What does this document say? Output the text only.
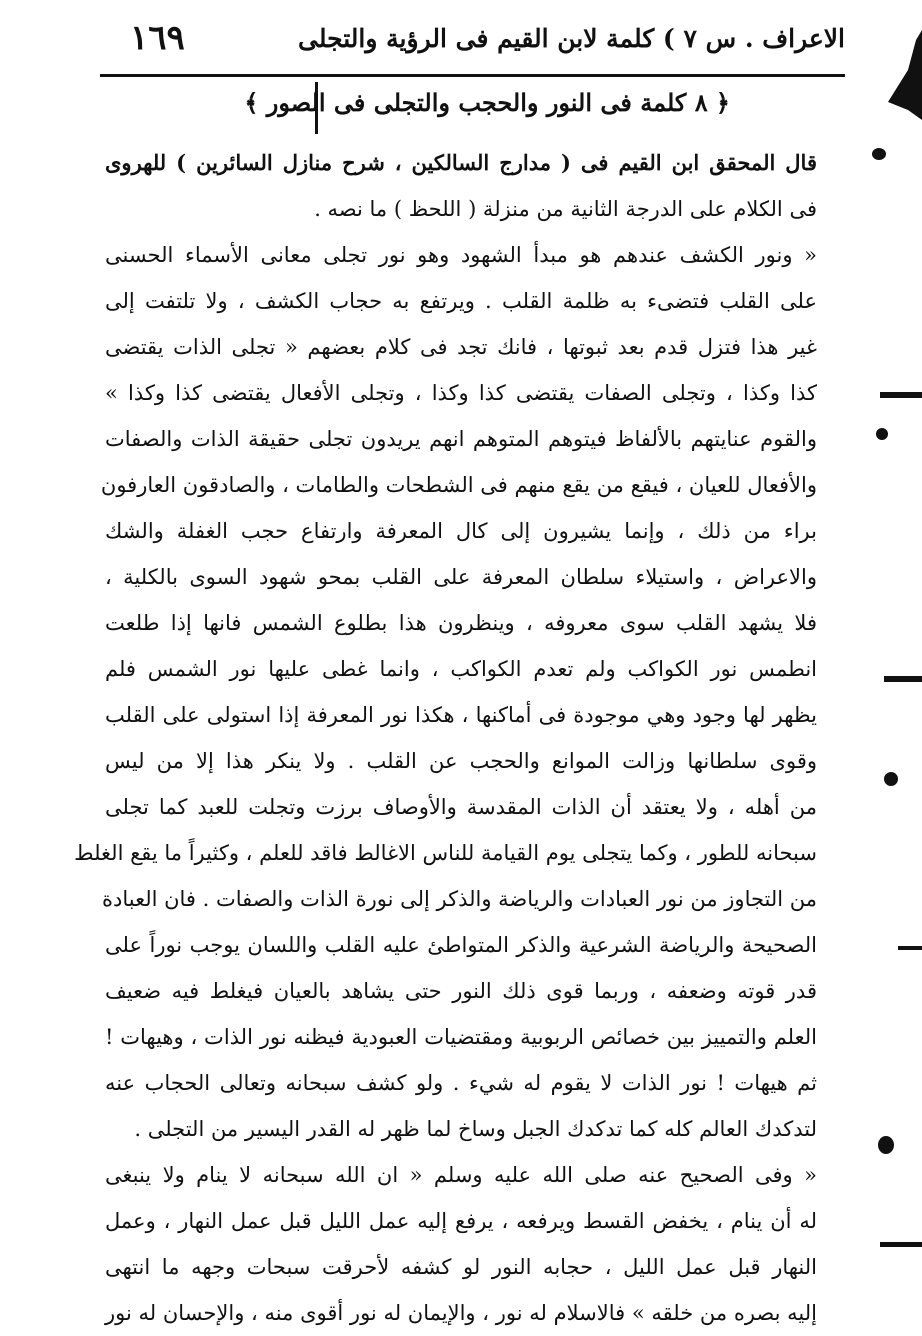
الاعراف . س ٧ ) كلمة لابن القيم فى الرؤية والتجلى
١٦٩
﴿ ٨ كلمة فى النور والحجب والتجلى فى الصور ﴾
قال المحقق ابن القيم فى ( مدارج السالكين ، شرح منازل السائرين ) للهروى
فى الكلام على الدرجة الثانية من منزلة ( اللحظ ) ما نصه .
« ونور الكشف عندهم هو مبدأ الشهود وهو نور تجلى معانى الأسماء الحسنى
على القلب فتضىء به ظلمة القلب . ويرتفع به حجاب الكشف ، ولا تلتفت إلى
غير هذا فتزل قدم بعد ثبوتها ، فانك تجد فى كلام بعضهم « تجلى الذات يقتضى
كذا وكذا ، وتجلى الصفات يقتضى كذا وكذا ، وتجلى الأفعال يقتضى كذا وكذا »
والقوم عنايتهم بالألفاظ فيتوهم المتوهم انهم يريدون تجلى حقيقة الذات والصفات
والأفعال للعيان ، فيقع من يقع منهم فى الشطحات والطامات ، والصادقون العارفون
براء من ذلك ، وإنما يشيرون إلى كال المعرفة وارتفاع حجب الغفلة والشك
والاعراض ، واستيلاء سلطان المعرفة على القلب بمحو شهود السوى بالكلية ،
فلا يشهد القلب سوى معروفه ، وينظرون هذا بطلوع الشمس فانها إذا طلعت
انطمس نور الكواكب ولم تعدم الكواكب ، وانما غطى عليها نور الشمس فلم
يظهر لها وجود وهي موجودة فى أماكنها ، هكذا نور المعرفة إذا استولى على القلب
وقوى سلطانها وزالت الموانع والحجب عن القلب . ولا ينكر هذا إلا من ليس
من أهله ، ولا يعتقد أن الذات المقدسة والأوصاف برزت وتجلت للعبد كما تجلى
سبحانه للطور ، وكما يتجلى يوم القيامة للناس الاغالط فاقد للعلم ، وكثيراً ما يقع الغلط
من التجاوز من نور العبادات والرياضة والذكر إلى نورة الذات والصفات . فان العبادة
الصحيحة والرياضة الشرعية والذكر المتواطئ عليه القلب واللسان يوجب نوراً على
قدر قوته وضعفه ، وربما قوى ذلك النور حتى يشاهد بالعيان فيغلط فيه ضعيف
العلم والتمييز بين خصائص الربوبية ومقتضيات العبودية فيظنه نور الذات ، وهيهات !
ثم هيهات ! نور الذات لا يقوم له شيء . ولو كشف سبحانه وتعالى الحجاب عنه
لتدكدك العالم كله كما تدكدك الجبل وساخ لما ظهر له القدر اليسير من التجلى .
« وفى الصحيح عنه صلى الله عليه وسلم « ان الله سبحانه لا ينام ولا ينبغى
له أن ينام ، يخفض القسط ويرفعه ، يرفع إليه عمل الليل قبل عمل النهار ، وعمل
النهار قبل عمل الليل ، حجابه النور لو كشفه لأحرقت سبحات وجهه ما انتهى
إليه بصره من خلقه » فالاسلام له نور ، والإيمان له نور أقوى منه ، والإحسان له نور
